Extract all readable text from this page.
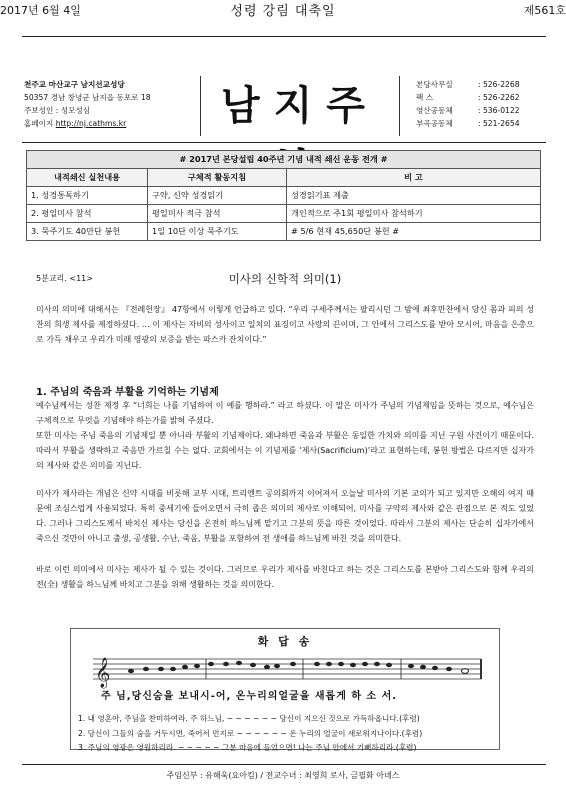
2017년 6월 4일	성령 강림 대축일	제561호
천주교 마산교구 남지선교성당
50357 경남 창녕군 남지읍 동포로 18
주보성인 : 성모성심
홈페이지 http://nj.cathms.kr	남지주	본당사무실	: 526-2268
팩 스	: 526-2262
영산공동체	: 536-0122
부곡공동체	: 521-2654
# 2017년 본당설립 40주년 기념 내적 쇄신 운동 전개 #		
내적쇄신 실천내용	구체적 활동지침	비 고
1. 성경통독하기	구약, 신약 성경읽기	성경읽기표 제출
2. 평일미사 참석	평일미사 적극 참석	개인적으로 주1회 평일미사 참석하기
3. 묵주기도 40만단 봉헌	1일 10단 이상 묵주기도	# 5/6 현재 45,650단 봉헌 #
5분교리. <11>	미사의 신학적 의미(1)
미사의 의미에 대해서는 『전례헌장』 47항에서 이렇게 언급하고 있다. “우리 구세주께서는 팔리시던 그 밤에 최후만찬에서 당신 몸과 피의 성찬의 희생 제사를 제정하셨다. … 이 제사는 자비의 성사이고 일치의 표징이고 사랑의 끈이며, 그 안에서 그리스도를 받아 모시어, 마음을 은총으로 가득 채우고 우리가 미래 영광의 보증을 받는 파스카 잔치이다.”
1. 주님의 죽음과 부활을 기억하는 기념제
예수님께서는 성찬 제정 후 “너희는 나를 기념하여 이 예를 행하라.” 라고 하셨다. 이 말은 미사가 주님의 기념제임을 뜻하는 것으로, 예수님은 구체적으로 무엇을 기념해야 하는가를 밝혀 주셨다.
또한 미사는 주님 죽음의 기념제일 뿐 아니라 부활의 기념제이다. 왜냐하면 죽음과 부활은 동일한 가치와 의미를 지닌 구원 사건이기 때문이다. 따라서 부활을 생략하고 죽음만 가르칠 수는 없다. 교회에서는 이 기념제를 ‘제사(Sacrificium)’라고 표현하는데, 봉헌 방법은 다르지만 십자가의 제사와 같은 의미를 지닌다.
미사가 제사라는 개념은 신약 시대를 비롯해 교부 시대, 트리엔트 공의회까지 이어져서 오늘날 미사의 기본 교의가 되고 있지만 오해의 여지 때문에 조심스럽게 사용되었다. 특히 중세기에 들어오면서 극히 좁은 의미의 제사로 이해되어, 미사를 구약의 제사와 같은 관점으로 본 적도 있었다. 그러나 그리스도께서 바치신 제사는 당신을 온전히 하느님께 맡기고 그분의 뜻을 따른 것이었다. 따라서 그분의 제사는 단순히 십자가에서 죽으신 것만이 아니고 출생, 공생활, 수난, 죽음, 부활을 포함하여 전 생애를 하느님께 바친 것을 의미한다.
바로 이런 의미에서 미사는 제사가 될 수 있는 것이다. 그러므로 우리가 제사를 바친다고 하는 것은 그리스도를 본받아 그리스도와 함께 우리의 전(全) 생활을 하느님께 바치고 그분을 위해 생활하는 것을 의미한다.
화 답 송
𝄞
주 님,당신숨을 보내시-어, 온누리의얼굴을 새롭게 하 소 서.
1. 내 영혼아, 주님을 찬미하여라. 주 하느님, ~ ~ ~ ~ ~ ~ 당신이 지으신 것으로 가득하옵니다.(후렴)
2. 당신이 그들의 숨을 거두시면, 죽어서 먼지로 ~ ~ ~ ~ ~ ~ 온 누리의 얼굴이 새로워지나이다.(후렴)
3. 주님의 영광은 영원하리라. ~ ~ ~ ~ ~ 그분 마음에 들었으면! 나는 주님 안에서 기뻐하리라.(후렴)
주임신부 : 유해욱(요아킴) / 전교수녀 : 최영희 로사, 금필화 아녜스
